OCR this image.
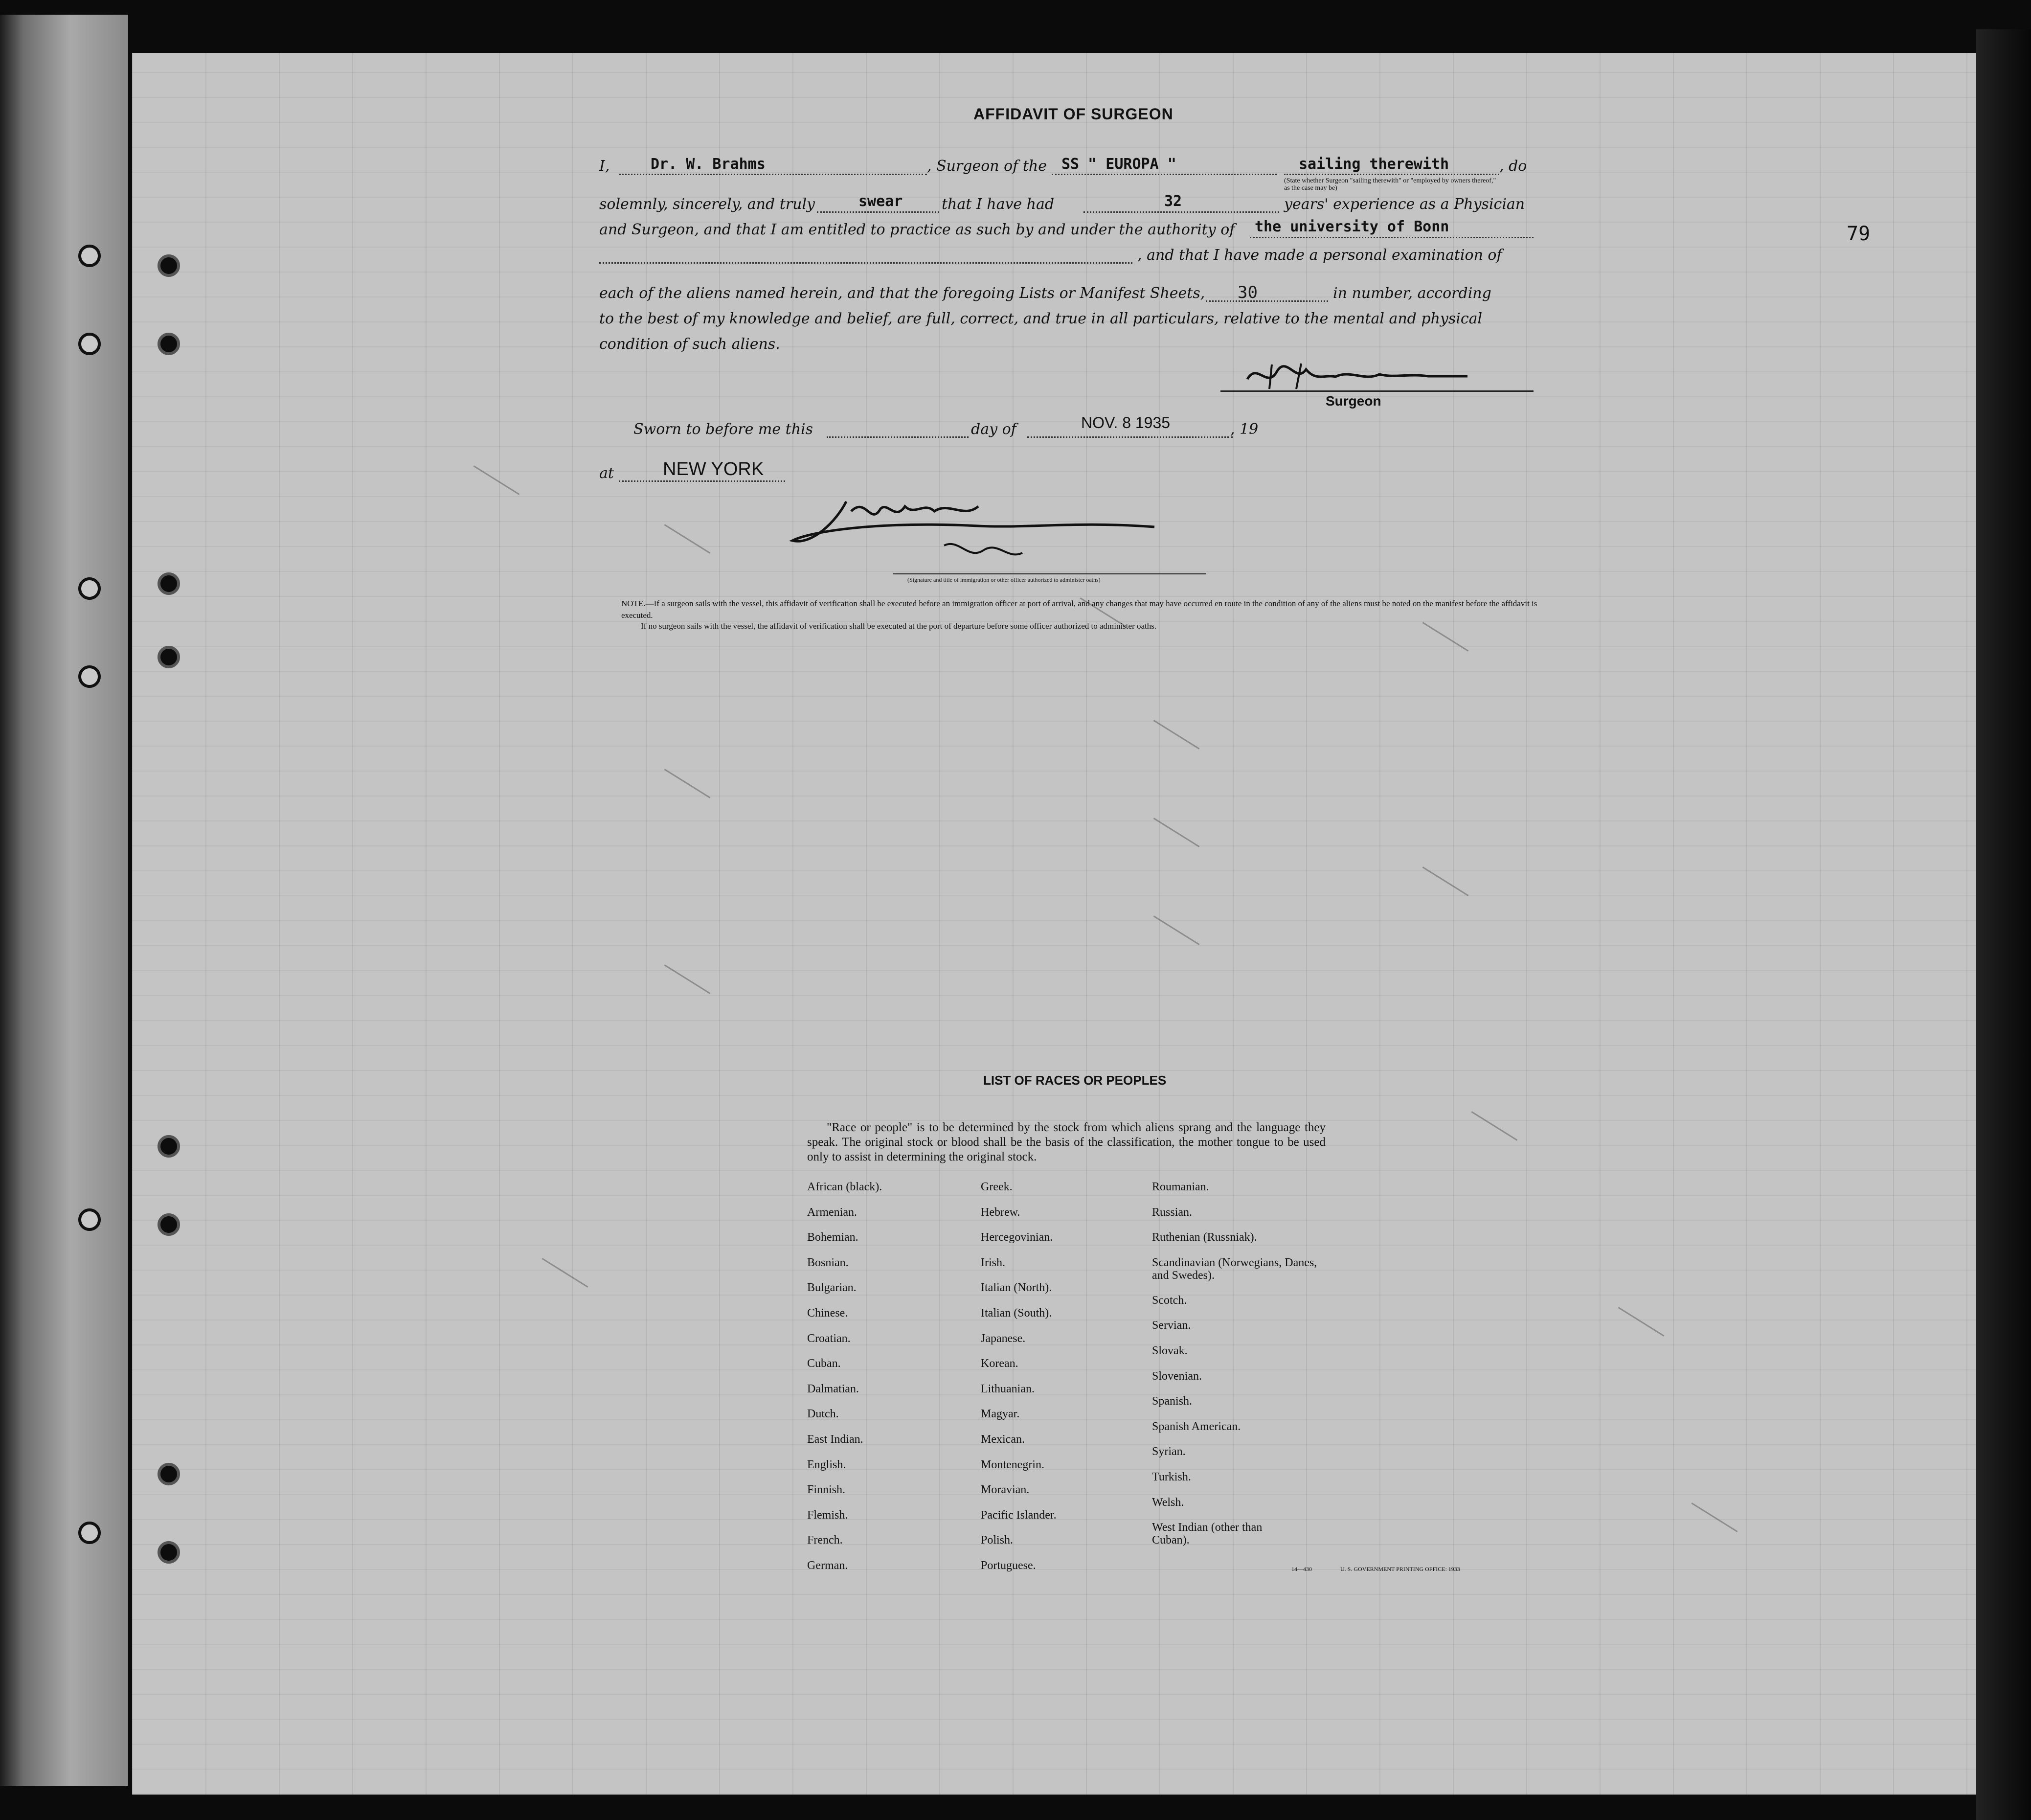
AFFIDAVIT OF SURGEON
I,	Dr. W. Brahms	, Surgeon of the SS " EUROPA "	sailing therewith	, do
(State whether Surgeon "sailing therewith" or "employed by owners thereof," as the case may be)
solemnly, sincerely, and truly	swear	that I have had	32	years' experience as a Physician
and Surgeon, and that I am entitled to practice as such by and under the authority of the university of Bonn
, and that I have made a personal examination of
each of the aliens named herein, and that the foregoing Lists or Manifest Sheets, 30	in number, according
to the best of my knowledge and belief, are full, correct, and true in all particulars, relative to the mental and physical
condition of such aliens.
Surgeon
Sworn to before me this	day of	NOV. 8 1935	, 19
at	NEW YORK
(Signature and title of immigration or other officer authorized to administer oaths)
NOTE.—If a surgeon sails with the vessel, this affidavit of verification shall be executed before an immigration officer at port of arrival, and any changes that may have occurred en route in the condition of any of the aliens must be noted on the manifest before the affidavit is executed.
If no surgeon sails with the vessel, the affidavit of verification shall be executed at the port of departure before some officer authorized to administer oaths.
79
LIST OF RACES OR PEOPLES
"Race or people" is to be determined by the stock from which aliens sprang and the language they speak. The original stock or blood shall be the basis of the classification, the mother tongue to be used only to assist in determining the original stock.
African (black).
Armenian.
Bohemian.
Bosnian.
Bulgarian.
Chinese.
Croatian.
Cuban.
Dalmatian.
Dutch.
East Indian.
English.
Finnish.
Flemish.
French.
German.
Greek.
Hebrew.
Hercegovinian.
Irish.
Italian (North).
Italian (South).
Japanese.
Korean.
Lithuanian.
Magyar.
Mexican.
Montenegrin.
Moravian.
Pacific Islander.
Polish.
Portuguese.
Roumanian.
Russian.
Ruthenian (Russniak).
Scandinavian (Norwegians, Danes, and Swedes).
Scotch.
Servian.
Slovak.
Slovenian.
Spanish.
Spanish American.
Syrian.
Turkish.
Welsh.
West Indian (other than Cuban).
14—430	U. S. GOVERNMENT PRINTING OFFICE: 1933
